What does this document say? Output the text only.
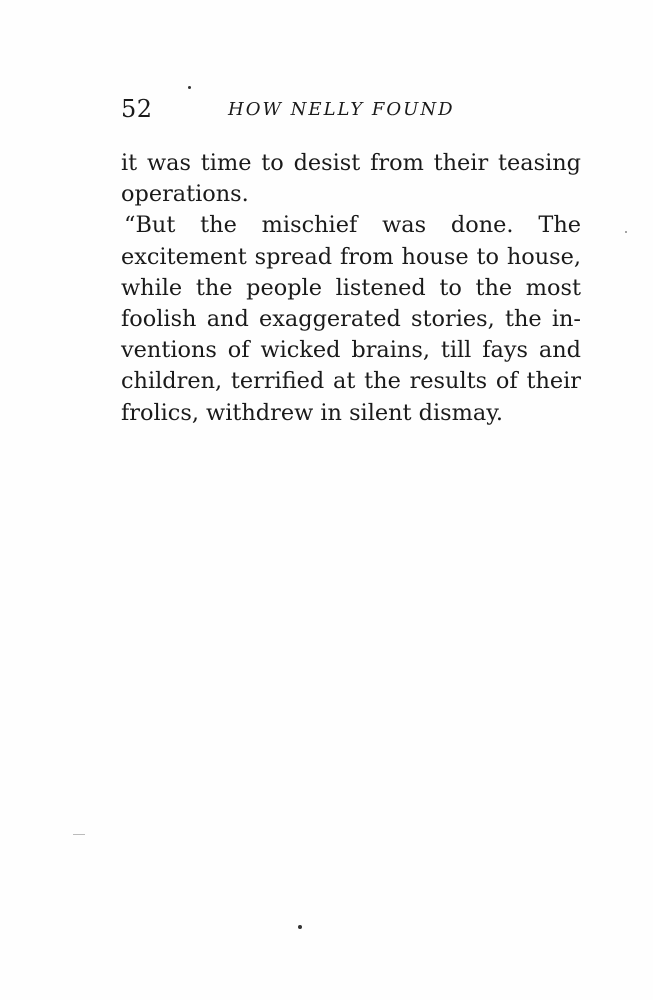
52	HOW NELLY FOUND
it was time to desist from their teasing
operations.
“But the mischief was done. The
excitement spread from house to house,
while the people listened to the most
foolish and exaggerated stories, the in-
ventions of wicked brains, till fays and
children, terrified at the results of their
frolics, withdrew in silent dismay.
